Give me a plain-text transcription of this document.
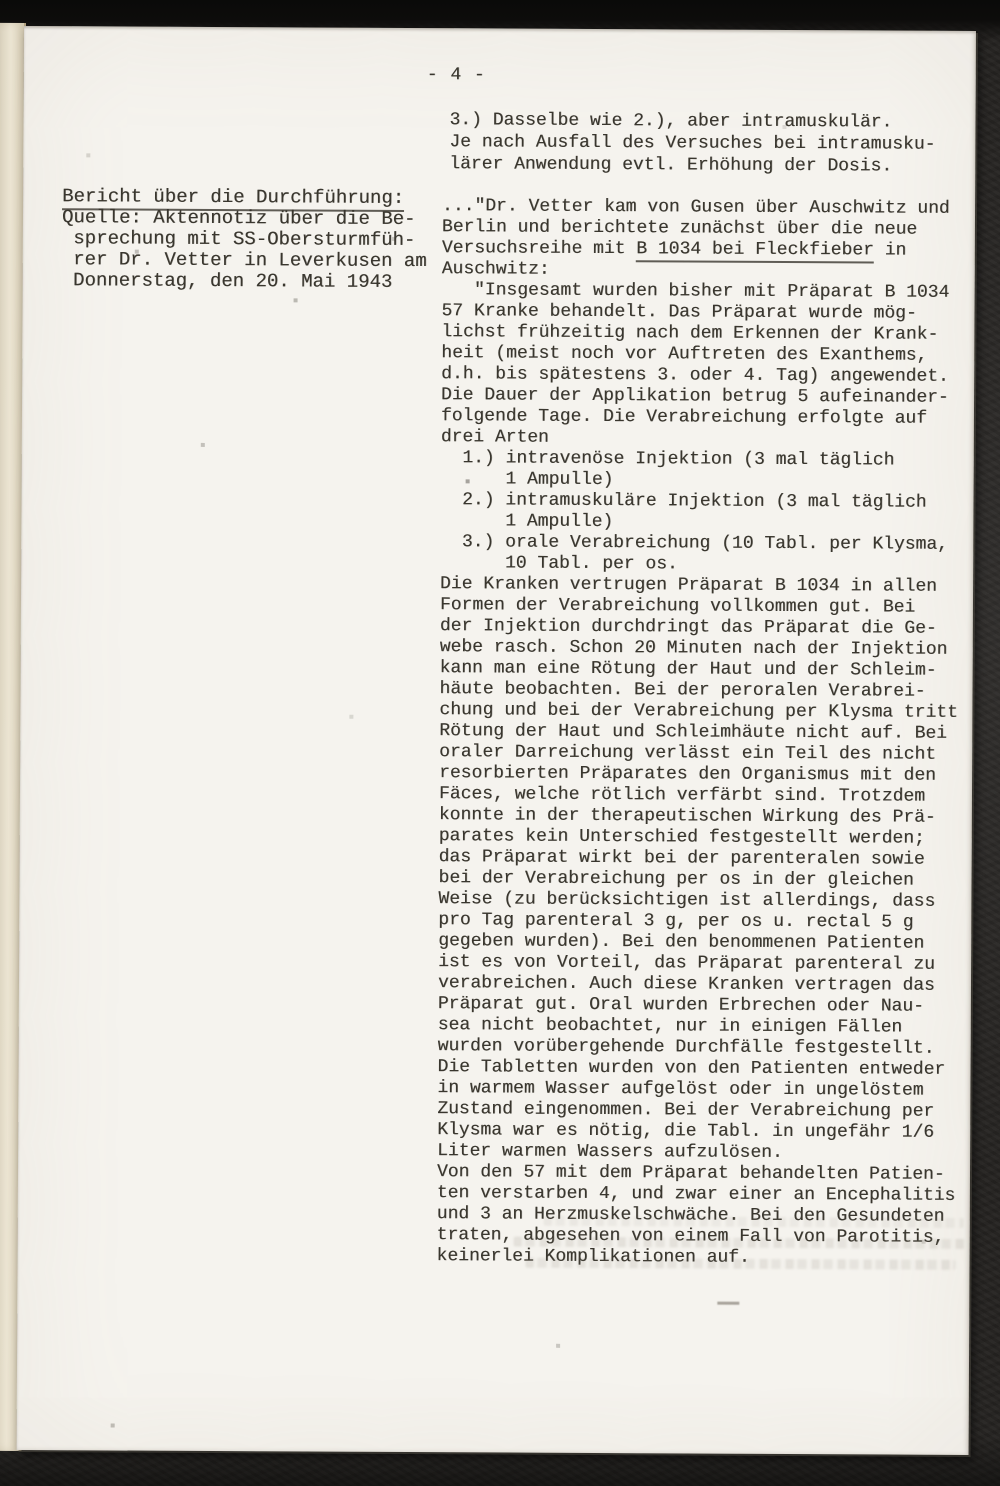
- 4 -
3.) Dasselbe wie 2.), aber intramuskulär.
Je nach Ausfall des Versuches bei intramusku-
lärer Anwendung evtl. Erhöhung der Dosis.
Bericht über die Durchführung:
Quelle: Aktennotiz über die Be-
sprechung mit SS-Obersturmfüh-
rer Dr. Vetter in Leverkusen am
Donnerstag, den 20. Mai 1943
..."Dr. Vetter kam von Gusen über Auschwitz und
Berlin und berichtete zunächst über die neue
Versuchsreihe mit B 1034 bei Fleckfieber in
Auschwitz:
"Insgesamt wurden bisher mit Präparat B 1034
57 Kranke behandelt. Das Präparat wurde mög-
lichst frühzeitig nach dem Erkennen der Krank-
heit (meist noch vor Auftreten des Exanthems,
d.h. bis spätestens 3. oder 4. Tag) angewendet.
Die Dauer der Applikation betrug 5 aufeinander-
folgende Tage. Die Verabreichung erfolgte auf
drei Arten
1.) intravenöse Injektion (3 mal täglich
1 Ampulle)
2.) intramuskuläre Injektion (3 mal täglich
1 Ampulle)
3.) orale Verabreichung (10 Tabl. per Klysma,
10 Tabl. per os.
Die Kranken vertrugen Präparat B 1034 in allen
Formen der Verabreichung vollkommen gut. Bei
der Injektion durchdringt das Präparat die Ge-
webe rasch. Schon 20 Minuten nach der Injektion
kann man eine Rötung der Haut und der Schleim-
häute beobachten. Bei der peroralen Verabrei-
chung und bei der Verabreichung per Klysma tritt
Rötung der Haut und Schleimhäute nicht auf. Bei
oraler Darreichung verlässt ein Teil des nicht
resorbierten Präparates den Organismus mit den
Fäces, welche rötlich verfärbt sind. Trotzdem
konnte in der therapeutischen Wirkung des Prä-
parates kein Unterschied festgestellt werden;
das Präparat wirkt bei der parenteralen sowie
bei der Verabreichung per os in der gleichen
Weise (zu berücksichtigen ist allerdings, dass
pro Tag parenteral 3 g, per os u. rectal 5 g
gegeben wurden). Bei den benommenen Patienten
ist es von Vorteil, das Präparat parenteral zu
verabreichen. Auch diese Kranken vertragen das
Präparat gut. Oral wurden Erbrechen oder Nau-
sea nicht beobachtet, nur in einigen Fällen
wurden vorübergehende Durchfälle festgestellt.
Die Tabletten wurden von den Patienten entweder
in warmem Wasser aufgelöst oder in ungelöstem
Zustand eingenommen. Bei der Verabreichung per
Klysma war es nötig, die Tabl. in ungefähr 1/6
Liter warmen Wassers aufzulösen.
Von den 57 mit dem Präparat behandelten Patien-
ten verstarben 4, und zwar einer an Encephalitis
und 3 an Herzmuskelschwäche. Bei den Gesundeten
traten, abgesehen von einem Fall von Parotitis,
keinerlei Komplikationen auf.
